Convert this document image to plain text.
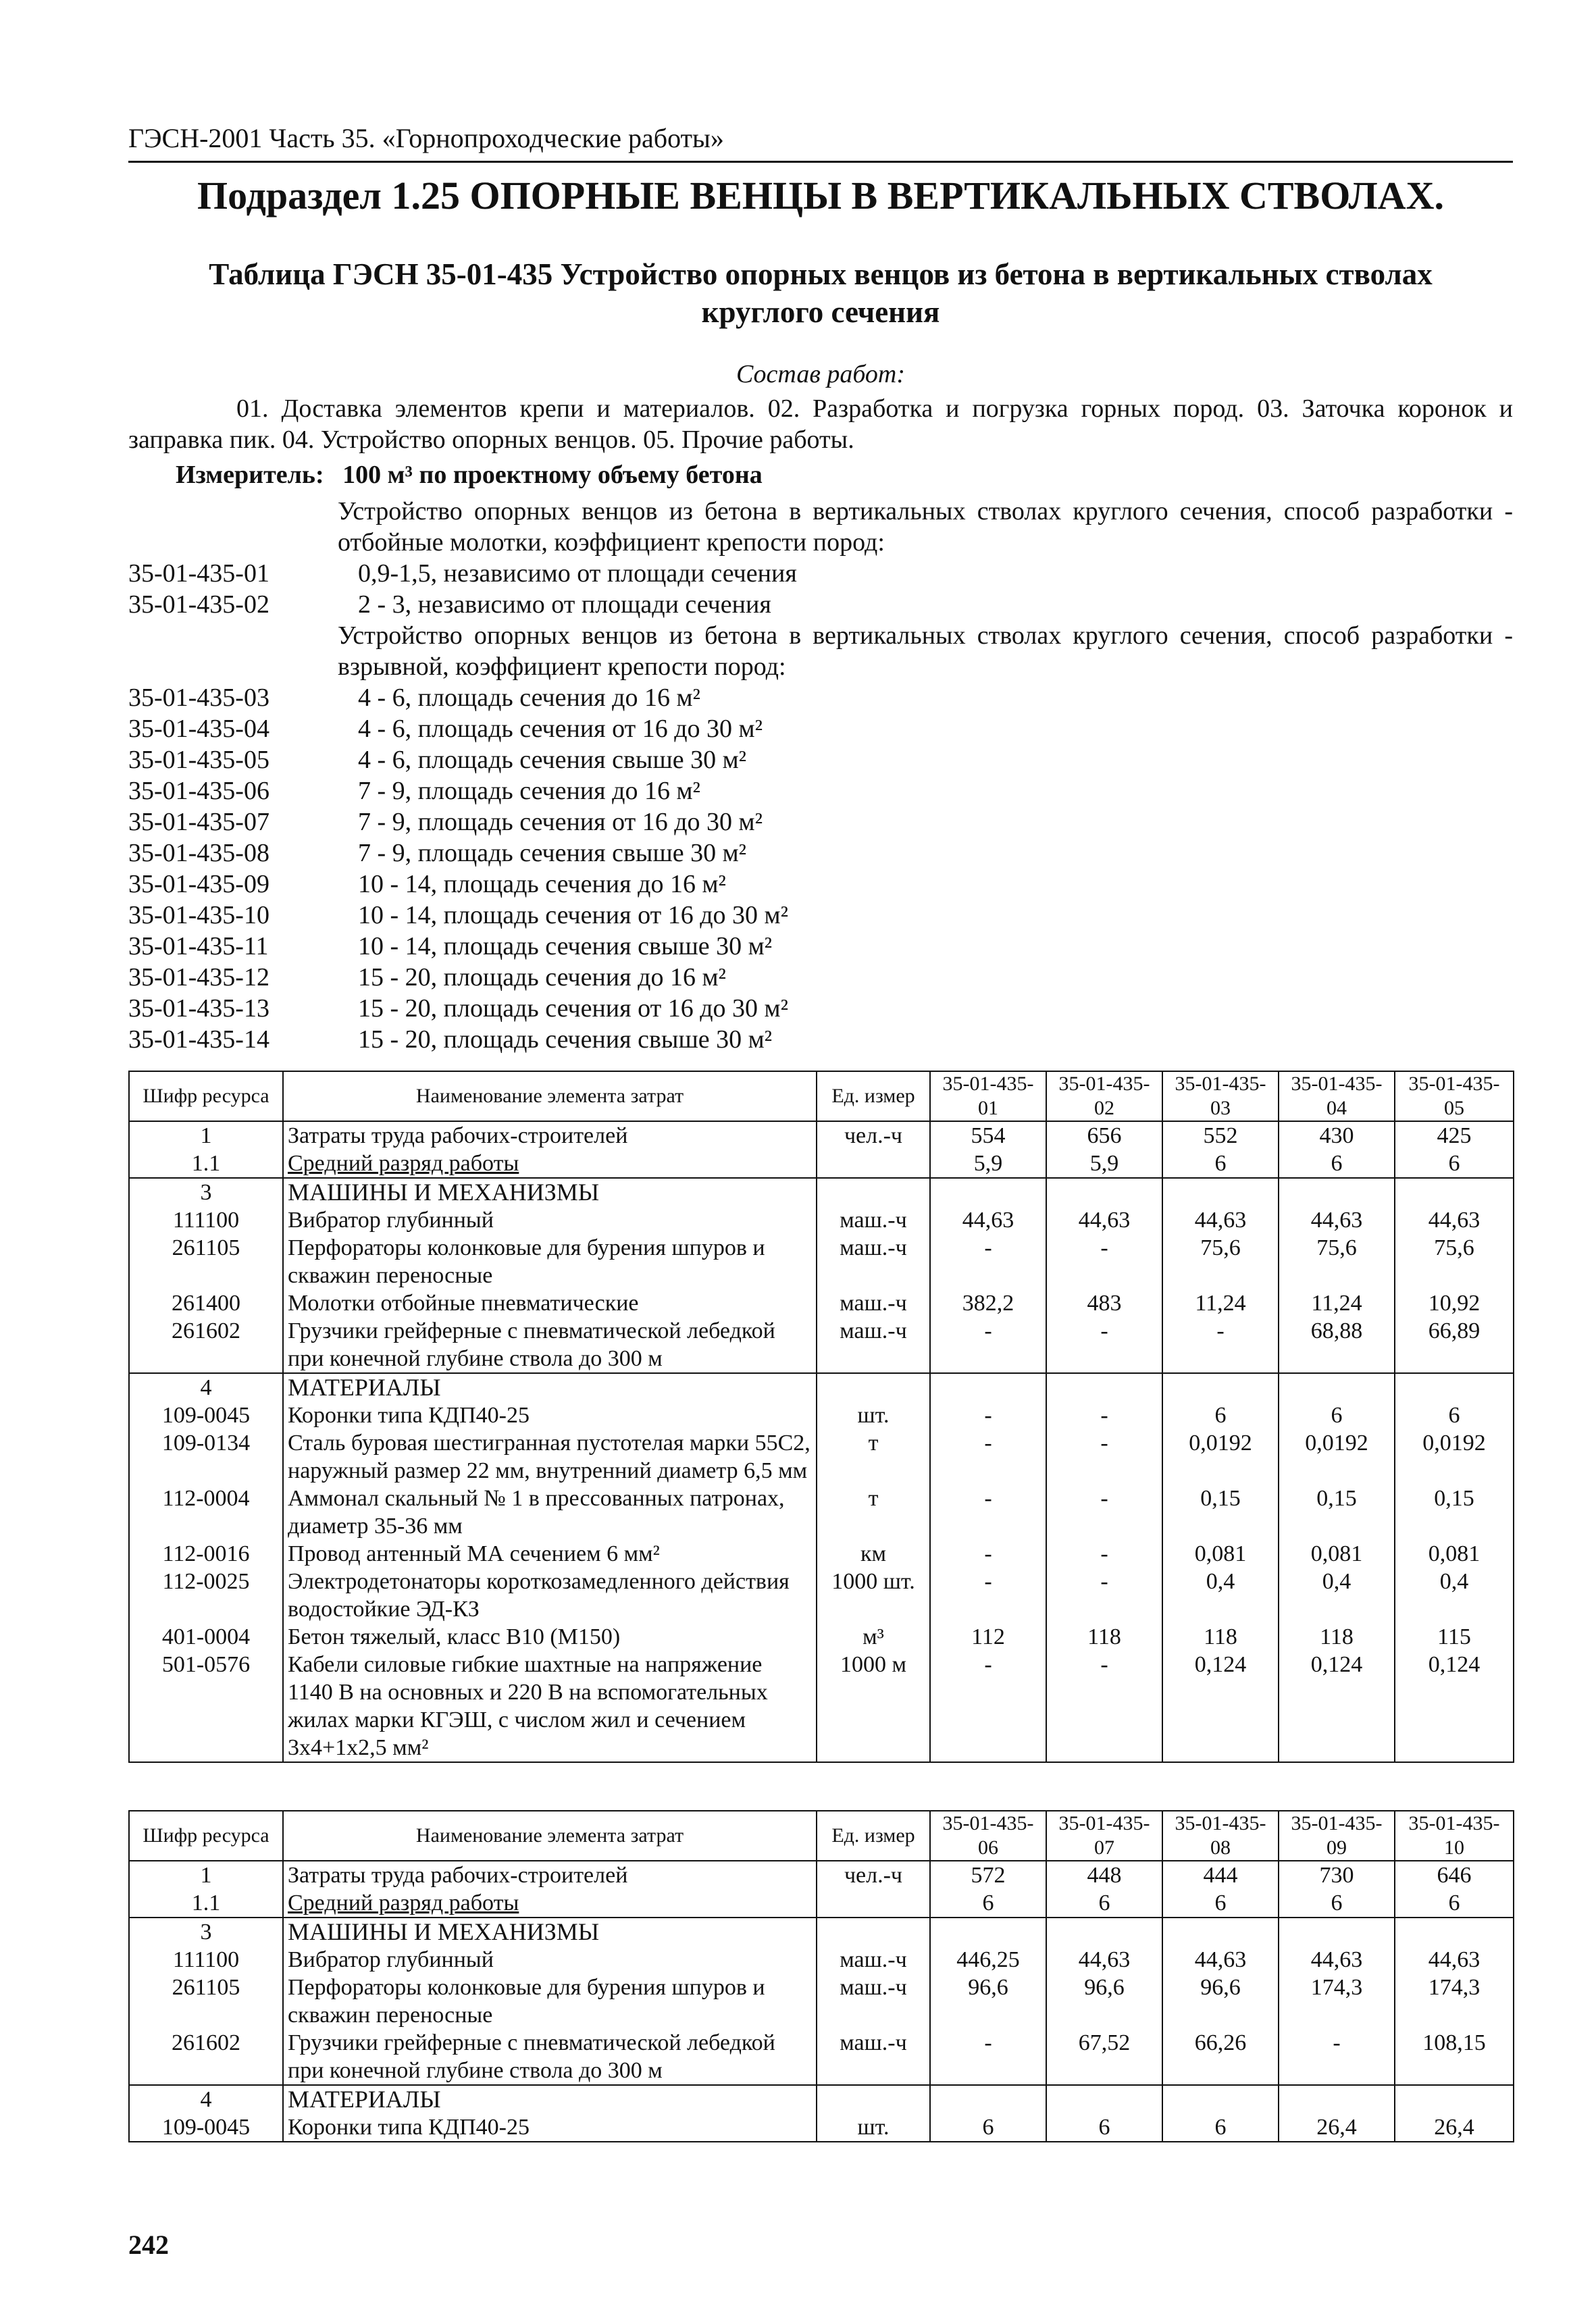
ГЭСН-2001 Часть 35. «Горнопроходческие работы»
Подраздел 1.25 ОПОРНЫЕ ВЕНЦЫ В ВЕРТИКАЛЬНЫХ СТВОЛАХ.
Таблица ГЭСН 35-01-435 Устройство опорных венцов из бетона в вертикальных стволах
круглого сечения
Состав работ:
01. Доставка элементов крепи и материалов. 02. Разработка и погрузка горных пород. 03. Заточка коронок и заправка пик. 04. Устройство опорных венцов. 05. Прочие работы.
Измеритель: 100 м³ по проектному объему бетона
Устройство опорных венцов из бетона в вертикальных стволах круглого сечения, способ разработки - отбойные молотки, коэффициент крепости пород:
35-01-435-01	0,9-1,5, независимо от площади сечения
35-01-435-02	2 - 3, независимо от площади сечения
Устройство опорных венцов из бетона в вертикальных стволах круглого сечения, способ разработки - взрывной, коэффициент крепости пород:
35-01-435-03	4 - 6, площадь сечения до 16 м²
35-01-435-04	4 - 6, площадь сечения от 16 до 30 м²
35-01-435-05	4 - 6, площадь сечения свыше 30 м²
35-01-435-06	7 - 9, площадь сечения до 16 м²
35-01-435-07	7 - 9, площадь сечения от 16 до 30 м²
35-01-435-08	7 - 9, площадь сечения свыше 30 м²
35-01-435-09	10 - 14, площадь сечения до 16 м²
35-01-435-10	10 - 14, площадь сечения от 16 до 30 м²
35-01-435-11	10 - 14, площадь сечения свыше 30 м²
35-01-435-12	15 - 20, площадь сечения до 16 м²
35-01-435-13	15 - 20, площадь сечения от 16 до 30 м²
35-01-435-14	15 - 20, площадь сечения свыше 30 м²
Шифр ресурса	Наименование элемента затрат	Ед. измер	35-01-435-01	35-01-435-02	35-01-435-03	35-01-435-04	35-01-435-05
1	Затраты труда рабочих-строителей	чел.-ч	554	656	552	430	425
1.1	Средний разряд работы		5,9	5,9	6	6	6
3	МАШИНЫ И МЕХАНИЗМЫ						
111100	Вибратор глубинный	маш.-ч	44,63	44,63	44,63	44,63	44,63
261105	Перфораторы колонковые для бурения шпуров и скважин переносные	маш.-ч	-	-	75,6	75,6	75,6
261400	Молотки отбойные пневматические	маш.-ч	382,2	483	11,24	11,24	10,92
261602	Грузчики грейферные с пневматической лебедкой при конечной глубине ствола до 300 м	маш.-ч	-	-	-	68,88	66,89
4	МАТЕРИАЛЫ						
109-0045	Коронки типа КДП40-25	шт.	-	-	6	6	6
109-0134	Сталь буровая шестигранная пустотелая марки 55С2, наружный размер 22 мм, внутренний диаметр 6,5 мм	т	-	-	0,0192	0,0192	0,0192
112-0004	Аммонал скальный № 1 в прессованных патронах, диаметр 35-36 мм	т	-	-	0,15	0,15	0,15
112-0016	Провод антенный МА сечением 6 мм²	км	-	-	0,081	0,081	0,081
112-0025	Электродетонаторы короткозамедленного действия водостойкие ЭД-КЗ	1000 шт.	-	-	0,4	0,4	0,4
401-0004	Бетон тяжелый, класс В10 (М150)	м³	112	118	118	118	115
501-0576	Кабели силовые гибкие шахтные на напряжение 1140 В на основных и 220 В на вспомогательных жилах марки КГЭШ, с числом жил и сечением 3х4+1х2,5 мм²	1000 м	-	-	0,124	0,124	0,124
Шифр ресурса	Наименование элемента затрат	Ед. измер	35-01-435-06	35-01-435-07	35-01-435-08	35-01-435-09	35-01-435-10
1	Затраты труда рабочих-строителей	чел.-ч	572	448	444	730	646
1.1	Средний разряд работы		6	6	6	6	6
3	МАШИНЫ И МЕХАНИЗМЫ						
111100	Вибратор глубинный	маш.-ч	446,25	44,63	44,63	44,63	44,63
261105	Перфораторы колонковые для бурения шпуров и скважин переносные	маш.-ч	96,6	96,6	96,6	174,3	174,3
261602	Грузчики грейферные с пневматической лебедкой при конечной глубине ствола до 300 м	маш.-ч	-	67,52	66,26	-	108,15
4	МАТЕРИАЛЫ						
109-0045	Коронки типа КДП40-25	шт.	6	6	6	26,4	26,4
242
